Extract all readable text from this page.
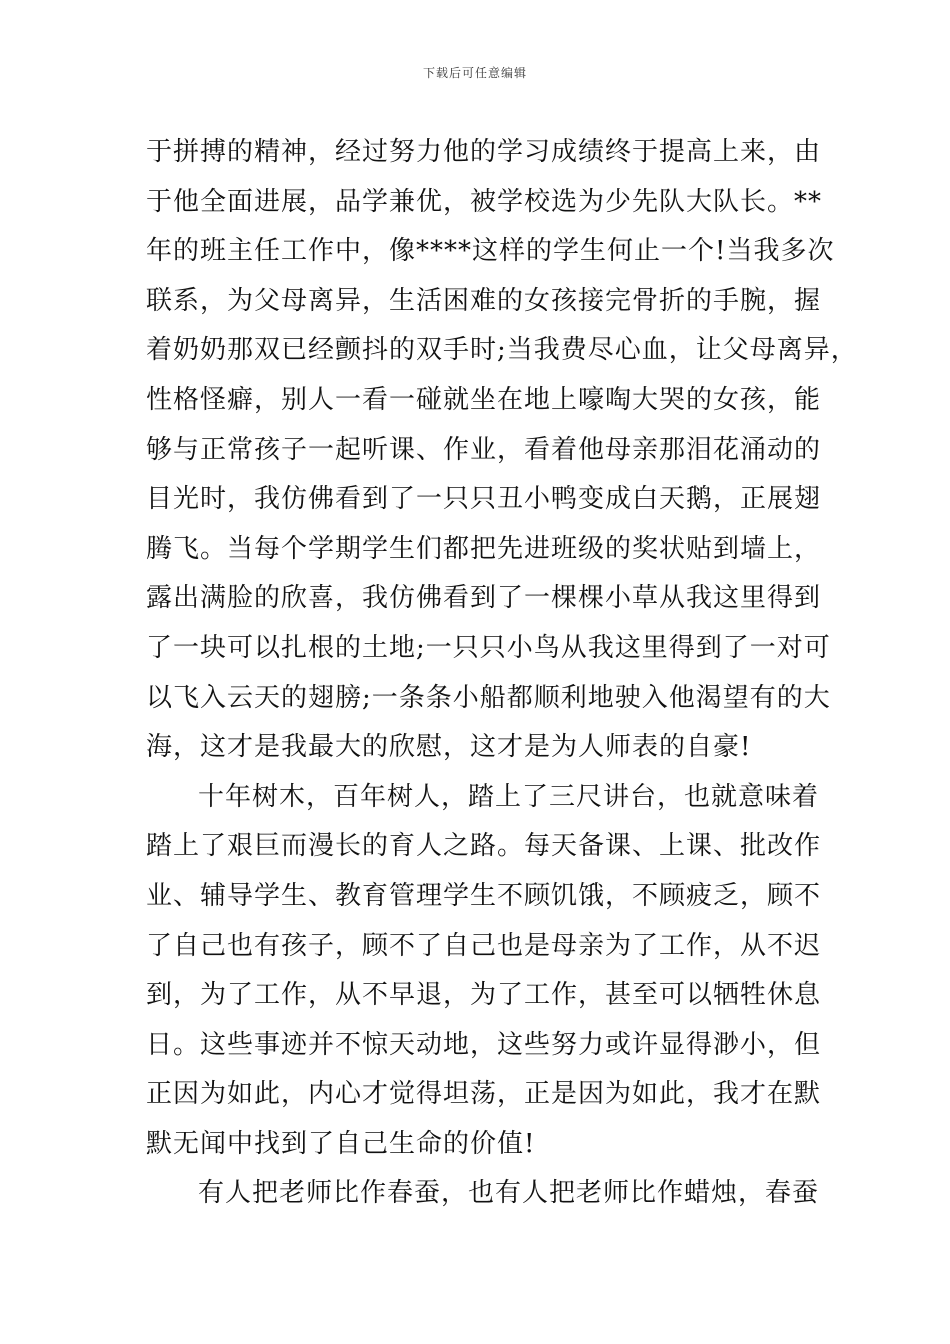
下载后可任意编辑
于拼搏的精神，经过努力他的学习成绩终于提高上来，由
于他全面进展，品学兼优，被学校选为少先队大队长。**
年的班主任工作中，像****这样的学生何止一个!当我多次
联系，为父母离异，生活困难的女孩接完骨折的手腕，握
着奶奶那双已经颤抖的双手时;当我费尽心血，让父母离异，
性格怪癖，别人一看一碰就坐在地上嚎啕大哭的女孩，能
够与正常孩子一起听课、作业，看着他母亲那泪花涌动的
目光时，我仿佛看到了一只只丑小鸭变成白天鹅，正展翅
腾飞。当每个学期学生们都把先进班级的奖状贴到墙上，
露出满脸的欣喜，我仿佛看到了一棵棵小草从我这里得到
了一块可以扎根的土地;一只只小鸟从我这里得到了一对可
以飞入云天的翅膀;一条条小船都顺利地驶入他渴望有的大
海，这才是我最大的欣慰，这才是为人师表的自豪!
十年树木，百年树人，踏上了三尺讲台，也就意味着
踏上了艰巨而漫长的育人之路。每天备课、上课、批改作
业、辅导学生、教育管理学生不顾饥饿，不顾疲乏，顾不
了自己也有孩子，顾不了自己也是母亲为了工作，从不迟
到，为了工作，从不早退，为了工作，甚至可以牺牲休息
日。这些事迹并不惊天动地，这些努力或许显得渺小，但
正因为如此，内心才觉得坦荡，正是因为如此，我才在默
默无闻中找到了自己生命的价值!
有人把老师比作春蚕，也有人把老师比作蜡烛，春蚕
